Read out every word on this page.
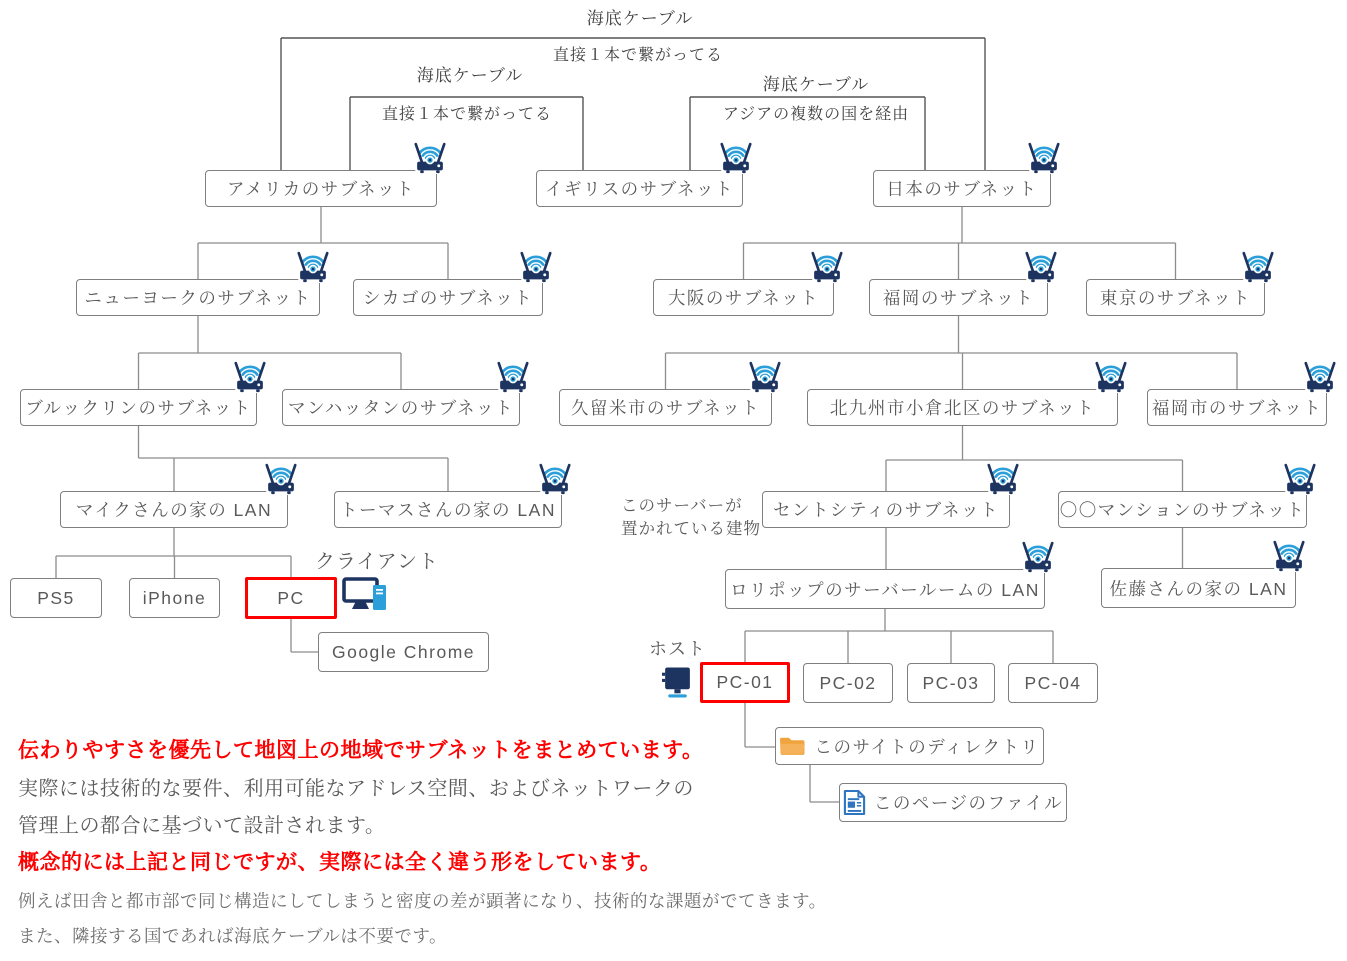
アメリカのサブネット	イギリスのサブネット	日本のサブネット
ニューヨークのサブネット	シカゴのサブネット	大阪のサブネット	福岡のサブネット	東京のサブネット
ブルックリンのサブネット マンハッタンのサブネット	久留米市のサブネット	北九州市小倉北区のサブネット	福岡市のサブネット
マイクさんの家の LAN	トーマスさんの家の LAN	セントシティのサブネット	〇〇マンションのサブネット
PS5	iPhone	PC	ロリポップのサーバールームの LAN	佐藤さんの家の LAN
Google Chrome
PC-01	PC-02	PC-03	PC-04
このサイトのディレクトリ
このページのファイル
海底ケーブル
直接１本で繋がってる
海底ケーブル
直接１本で繋がってる
海底ケーブル
アジアの複数の国を経由
クライアント
このサーバーが
置かれている建物
ホスト
伝わりやすさを優先して地図上の地域でサブネットをまとめています。
実際には技術的な要件、利用可能なアドレス空間、およびネットワークの
管理上の都合に基づいて設計されます。
概念的には上記と同じですが、実際には全く違う形をしています。
例えば田舎と都市部で同じ構造にしてしまうと密度の差が顕著になり、技術的な課題がでてきます。
また、隣接する国であれば海底ケーブルは不要です。
